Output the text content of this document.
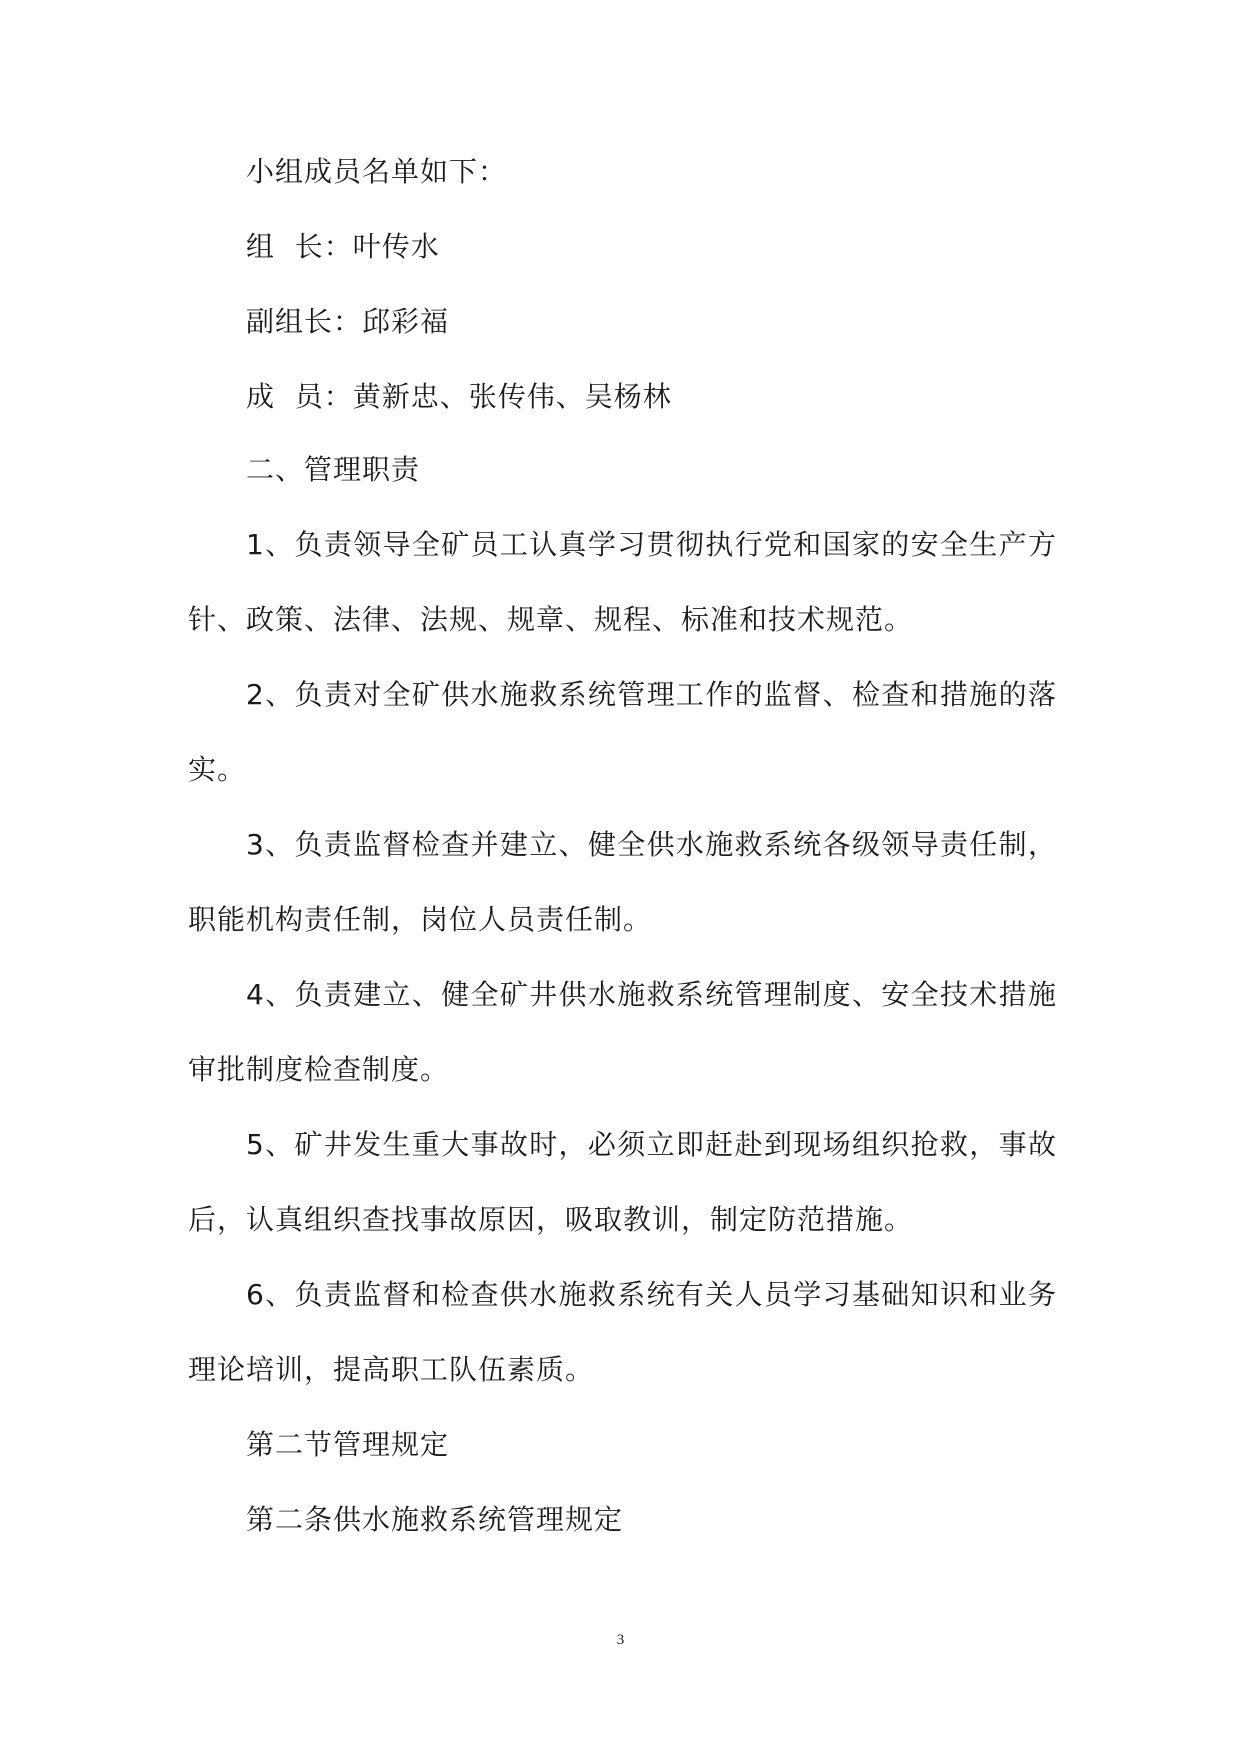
小组成员名单如下：
组  长：叶传水
副组长：邱彩福
成  员：黄新忠、张传伟、吴杨林
二、管理职责
1、负责领导全矿员工认真学习贯彻执行党和国家的安全生产方
针、政策、法律、法规、规章、规程、标准和技术规范。
2、负责对全矿供水施救系统管理工作的监督、检查和措施的落
实。
3、负责监督检查并建立、健全供水施救系统各级领导责任制，
职能机构责任制，岗位人员责任制。
4、负责建立、健全矿井供水施救系统管理制度、安全技术措施
审批制度检查制度。
5、矿井发生重大事故时，必须立即赶赴到现场组织抢救，事故
后，认真组织查找事故原因，吸取教训，制定防范措施。
6、负责监督和检查供水施救系统有关人员学习基础知识和业务
理论培训，提高职工队伍素质。
第二节管理规定
第二条供水施救系统管理规定
3
